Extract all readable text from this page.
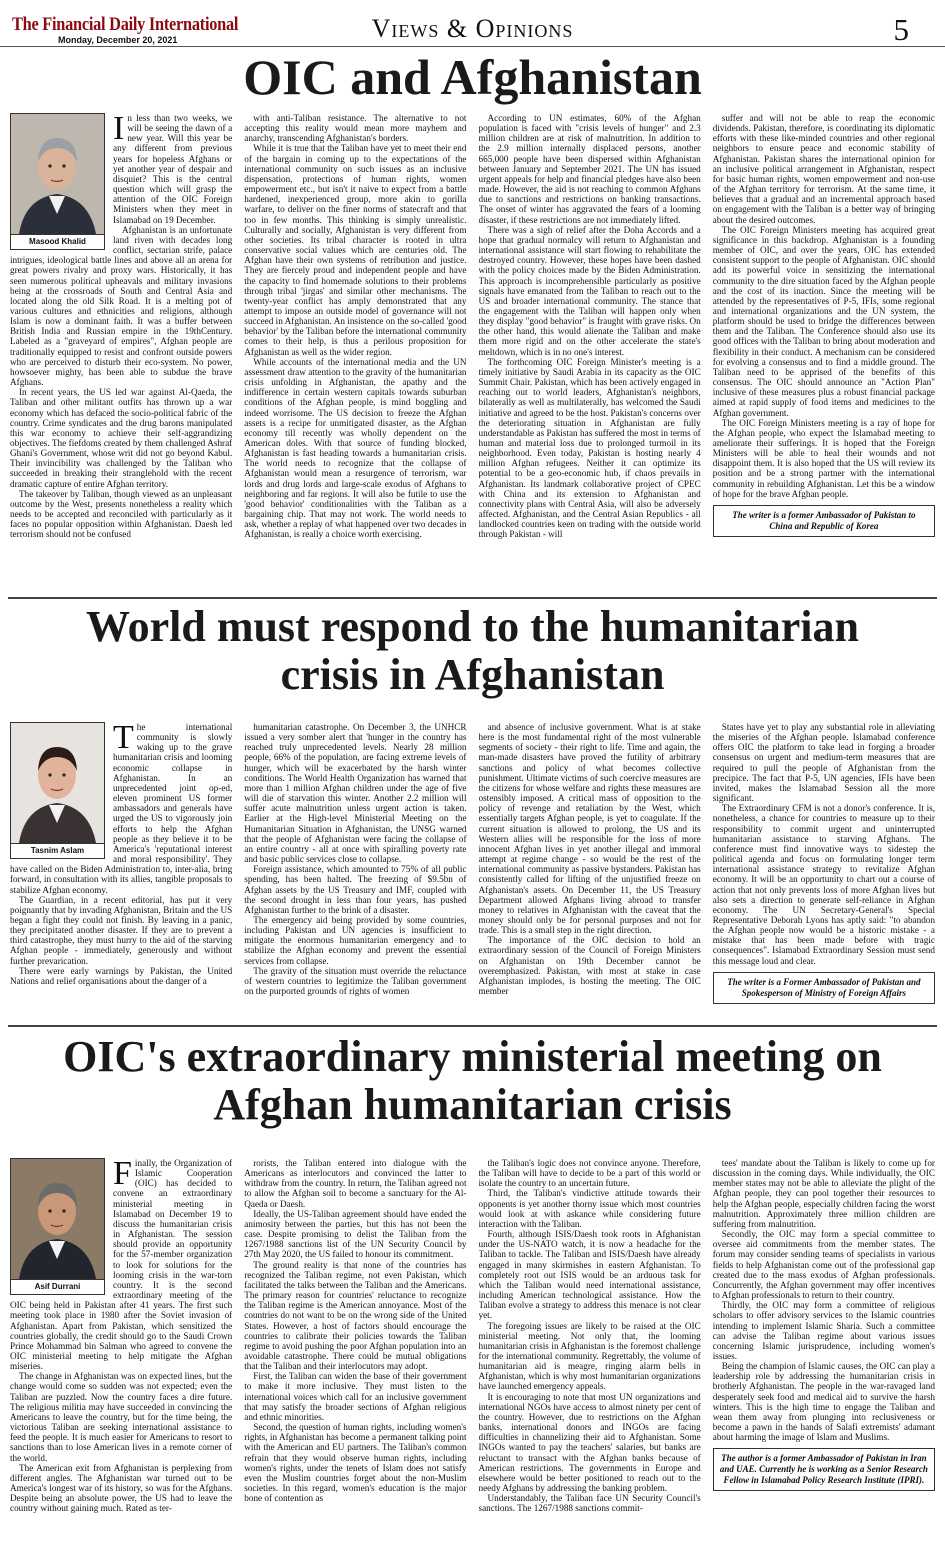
The Financial Daily International
Monday, December 20, 2021	Views & Opinions	5
OIC and Afghanistan
Masood Khalid

In less than two weeks, we will be seeing the dawn of a new year. Will this year be any different from previous years for hopeless Afghans or yet another year of despair and disquiet? This is the central question which will grasp the attention of the OIC Foreign Ministers when they meet in Islamabad on 19 December.

Afghanistan is an unfortunate land riven with decades long conflict, sectarian strife, palace intrigues, ideological battle lines and above all an arena for great powers rivalry and proxy wars. Historically, it has seen numerous political upheavals and military invasions being at the crossroads of South and Central Asia and located along the old Silk Road. It is a melting pot of various cultures and ethnicities and religions, although Islam is now a dominant faith. It was a buffer between British India and Russian empire in the 19thCentury. Labeled as a "graveyard of empires", Afghan people are traditionally equipped to resist and confront outside powers who are perceived to disturb their eco-system. No power, howsoever mighty, has been able to subdue the brave Afghans.

In recent years, the US led war against Al-Qaeda, the Taliban and other militant outfits has thrown up a war economy which has defaced the socio-political fabric of the country. Crime syndicates and the drug barons manipulated this war economy to achieve their self-aggrandizing objectives. The fiefdoms created by them challenged Ashraf Ghani's Government, whose writ did not go beyond Kabul. Their invincibility was challenged by the Taliban who succeeded in breaking their stranglehold with the recent dramatic capture of entire Afghan territory.

The takeover by Taliban, though viewed as an unpleasant outcome by the West, presents nonetheless a reality which needs to be accepted and reconciled with particularly as it faces no popular opposition within Afghanistan. Daesh led terrorism should not be confused

with anti-Taliban resistance. The alternative to not accepting this reality would mean more mayhem and anarchy, transcending Afghanistan's borders.

While it is true that the Taliban have yet to meet their end of the bargain in coming up to the expectations of the international community on such issues as an inclusive dispensation, protections of human rights, women empowerment etc., but isn't it naive to expect from a battle hardened, inexperienced group, more akin to gorilla warfare, to deliver on the finer norms of statecraft and that too in few months. This thinking is simply unrealistic. Culturally and socially, Afghanistan is very different from other societies. Its tribal character is rooted in ultra conservative social values which are centuries old. The Afghan have their own systems of retribution and justice. They are fiercely proud and independent people and have the capacity to find homemade solutions to their problems through tribal 'jirgas' and similar other mechanisms. The twenty-year conflict has amply demonstrated that any attempt to impose an outside model of governance will not succeed in Afghanistan. An insistence on the so-called 'good behavior' by the Taliban before the international community comes to their help, is thus a perilous proposition for Afghanistan as well as the wider region.

While accounts of the international media and the UN assessment draw attention to the gravity of the humanitarian crisis unfolding in Afghanistan, the apathy and the indifference in certain western capitals towards suburban conditions of the Afghan people, is mind boggling and indeed worrisome. The US decision to freeze the Afghan assets is a recipe for unmitigated disaster, as the Afghan economy till recently was wholly dependent on the American doles. With that source of funding blocked, Afghanistan is fast heading towards a humanitarian crisis. The world needs to recognize that the collapse of Afghanistan would mean a resurgence of terrorism, war lords and drug lords and large-scale exodus of Afghans to neighboring and far regions. It will also be futile to use the 'good behavior' conditionalities with the Taliban as a bargaining chip. That may not work. The world needs to ask, whether a replay of what happened over two decades in Afghanistan, is really a choice worth exercising.

According to UN estimates, 60% of the Afghan population is faced with "crisis levels of hunger" and 2.3 million children are at risk of malnutrition. In addition to the 2.9 million internally displaced persons, another 665,000 people have been dispersed within Afghanistan between January and September 2021. The UN has issued urgent appeals for help and financial pledges have also been made. However, the aid is not reaching to common Afghans due to sanctions and restrictions on banking transactions. The onset of winter has aggravated the fears of a looming disaster, if these restrictions are not immediately lifted.

There was a sigh of relief after the Doha Accords and a hope that gradual normalcy will return to Afghanistan and international assistance will start flowing to rehabilitate the destroyed country. However, these hopes have been dashed with the policy choices made by the Biden Administration. This approach is incomprehensible particularly as positive signals have emanated from the Taliban to reach out to the US and broader international community. The stance that the engagement with the Taliban will happen only when they display "good behavior" is fraught with grave risks. On the other hand, this would alienate the Taliban and make them more rigid and on the other accelerate the state's meltdown, which is in no one's interest.

The forthcoming OIC Foreign Minister's meeting is a timely initiative by Saudi Arabia in its capacity as the OIC Summit Chair. Pakistan, which has been actively engaged in reaching out to world leaders, Afghanistan's neighbors, bilaterally as well as multilaterally, has welcomed the Saudi initiative and agreed to be the host. Pakistan's concerns over the deteriorating situation in Afghanistan are fully understandable as Pakistan has suffered the most in terms of human and material loss due to prolonged turmoil in its neighborhood. Even today, Pakistan is hosting nearly 4 million Afghan refugees. Neither it can optimize its potential to be a geo-economic hub, if chaos prevails in Afghanistan. Its landmark collaborative project of CPEC with China and its extension to Afghanistan and connectivity plans with Central Asia, will also be adversely affected. Afghanistan, and the Central Asian Republics - all landlocked countries keen on trading with the outside world through Pakistan - will

suffer and will not be able to reap the economic dividends. Pakistan, therefore, is coordinating its diplomatic efforts with these like-minded countries and other regional neighbors to ensure peace and economic stability of Afghanistan. Pakistan shares the international opinion for an inclusive political arrangement in Afghanistan, respect for basic human rights, women empowerment and non-use of the Afghan territory for terrorism. At the same time, it believes that a gradual and an incremental approach based on engagement with the Taliban is a better way of bringing about the desired outcomes.

The OIC Foreign Ministers meeting has acquired great significance in this backdrop. Afghanistan is a founding member of OIC, and over the years, OIC has extended consistent support to the people of Afghanistan. OIC should add its powerful voice in sensitizing the international community to the dire situation faced by the Afghan people and the cost of its inaction. Since the meeting will be attended by the representatives of P-5, IFIs, some regional and international organizations and the UN system, the platform should be used to bridge the differences between them and the Taliban. The Conference should also use its good offices with the Taliban to bring about moderation and flexibility in their conduct. A mechanism can be considered for evolving a consensus and to find a middle ground. The Taliban need to be apprised of the benefits of this consensus. The OIC should announce an "Action Plan" inclusive of these measures plus a robust financial package aimed at rapid supply of food items and medicines to the Afghan government.

The OIC Foreign Ministers meeting is a ray of hope for the Afghan people, who expect the Islamabad meeting to ameliorate their sufferings. It is hoped that the Foreign Ministers will be able to heal their wounds and not disappoint them. It is also hoped that the US will review its position and be a strong partner with the international community in rebuilding Afghanistan. Let this be a window of hope for the brave Afghan people.

The writer is a former Ambassador of Pakistan to China and Republic of Korea
World must respond to the humanitarian crisis in Afghanistan
Tasnim Aslam

The international community is slowly waking up to the grave humanitarian crisis and looming economic collapse in Afghanistan. In an unprecedented joint op-ed, eleven prominent US former ambassadors and generals have urged the US to vigorously join efforts to help the Afghan people as they believe it to be America's 'reputational interest and moral responsibility'. They have called on the Biden Administration to, inter-alia, bring forward, in consultation with its allies, tangible proposals to stabilize Afghan economy.

The Guardian, in a recent editorial, has put it very poignantly that by invading Afghanistan, Britain and the US began a fight they could not finish. By leaving in a panic, they precipitated another disaster. If they are to prevent a third catastrophe, they must hurry to the aid of the starving Afghan people - immediately, generously and without further prevarication.

There were early warnings by Pakistan, the United Nations and relief organisations about the danger of a

humanitarian catastrophe. On December 3, the UNHCR issued a very somber alert that 'hunger in the country has reached truly unprecedented levels. Nearly 28 million people, 66% of the population, are facing extreme levels of hunger, which will be exacerbated by the harsh winter conditions. The World Health Organization has warned that more than 1 million Afghan children under the age of five will die of starvation this winter. Another 2.2 million will suffer acute malnutrition unless urgent action is taken. Earlier at the High-level Ministerial Meeting on the Humanitarian Situation in Afghanistan, the UNSG warned that the people of Afghanistan were facing the collapse of an entire country - all at once with spiralling poverty rate and basic public services close to collapse.

Foreign assistance, which amounted to 75% of all public spending, has been halted. The freezing of $9.5bn of Afghan assets by the US Treasury and IMF, coupled with the second drought in less than four years, has pushed Afghanistan further to the brink of a disaster.

The emergency aid being provided by some countries, including Pakistan and UN agencies is insufficient to mitigate the enormous humanitarian emergency and to stabilize the Afghan economy and prevent the essential services from collapse.

The gravity of the situation must override the reluctance of western countries to legitimize the Taliban government on the purported grounds of rights of women

and absence of inclusive government. What is at stake here is the most fundamental right of the most vulnerable segments of society - their right to life. Time and again, the man-made disasters have proved the futility of arbitrary sanctions and policy of what becomes collective punishment. Ultimate victims of such coercive measures are the citizens for whose welfare and rights these measures are ostensibly imposed. A critical mass of opposition to the policy of revenge and retaliation by the West, which essentially targets Afghan people, is yet to coagulate. If the current situation is allowed to prolong, the US and its Western allies will be responsible for the loss of more innocent Afghan lives in yet another illegal and immoral attempt at regime change - so would be the rest of the international community as passive bystanders. Pakistan has consistently called for lifting of the unjustified freeze on Afghanistan's assets. On December 11, the US Treasury Department allowed Afghans living abroad to transfer money to relatives in Afghanistan with the caveat that the money should only be for personal purposes and not for trade. This is a small step in the right direction.

The importance of the OIC decision to hold an extraordinary session of the Council of Foreign Ministers on Afghanistan on 19th December cannot be overemphasized. Pakistan, with most at stake in case Afghanistan implodes, is hosting the meeting. The OIC member

States have yet to play any substantial role in alleviating the miseries of the Afghan people. Islamabad conference offers OIC the platform to take lead in forging a broader consensus on urgent and medium-term measures that are required to pull the people of Afghanistan from the precipice. The fact that P-5, UN agencies, IFIs have been invited, makes the Islamabad Session all the more significant.

The Extraordinary CFM is not a donor's conference. It is, nonetheless, a chance for countries to measure up to their responsibility to commit urgent and uninterrupted humanitarian assistance to starving Afghans. The conference must find innovative ways to sidestep the political agenda and focus on formulating longer term international assistance strategy to revitalize Afghan economy. It will be an opportunity to chart out a course of action that not only prevents loss of more Afghan lives but also sets a direction to generate self-reliance in Afghan economy. The UN Secretary-General's Special Representative Deborah Lyons has aptly said: "to abandon the Afghan people now would be a historic mistake - a mistake that has been made before with tragic consequences". Islamabad Extraordinary Session must send this message loud and clear.

The writer is a Former Ambassador of Pakistan and Spokesperson of Ministry of Foreign Affairs
OIC's extraordinary ministerial meeting on Afghan humanitarian crisis
Asif Durrani

Finally, the Organization of Islamic Cooperation (OIC) has decided to convene an extraordinary ministerial meeting in Islamabad on December 19 to discuss the humanitarian crisis in Afghanistan. The session should provide an opportunity for the 57-member organization to look for solutions for the looming crisis in the war-torn country. It is the second extraordinary meeting of the OIC being held in Pakistan after 41 years. The first such meeting took place in 1980 after the Soviet invasion of Afghanistan. Apart from Pakistan, which sensitized the countries globally, the credit should go to the Saudi Crown Prince Mohammad bin Salman who agreed to convene the OIC ministerial meeting to help mitigate the Afghan miseries.

The change in Afghanistan was on expected lines, but the change would come so sudden was not expected; even the Taliban are puzzled. Now the country faces a dire future. The religious militia may have succeeded in convincing the Americans to leave the country, but for the time being, the victorious Taliban are seeking international assistance to feed the people. It is much easier for Americans to resort to sanctions than to lose American lives in a remote corner of the world.

The American exit from Afghanistan is perplexing from different angles. The Afghanistan war turned out to be America's longest war of its history, so was for the Afghans. Despite being an absolute power, the US had to leave the country without gaining much. Rated as ter-

rorists, the Taliban entered into dialogue with the Americans as interlocutors and convinced the latter to withdraw from the country. In return, the Taliban agreed not to allow the Afghan soil to become a sanctuary for the Al-Qaeda or Daesh.

Ideally, the US-Taliban agreement should have ended the animosity between the parties, but this has not been the case. Despite promising to delist the Taliban from the 1267/1988 sanctions list of the UN Security Council by 27th May 2020, the US failed to honour its commitment.

The ground reality is that none of the countries has recognized the Taliban regime, not even Pakistan, which facilitated the talks between the Taliban and the Americans. The primary reason for countries' reluctance to recognize the Taliban regime is the American annoyance. Most of the countries do not want to be on the wrong side of the United States. However, a host of factors should encourage the countries to calibrate their policies towards the Taliban regime to avoid pushing the poor Afghan population into an avoidable catastrophe. There could be mutual obligations that the Taliban and their interlocutors may adopt.

First, the Taliban can widen the base of their government to make it more inclusive. They must listen to the international voices which call for an inclusive government that may satisfy the broader sections of Afghan religious and ethnic minorities.

Second, the question of human rights, including women's rights, in Afghanistan has become a permanent talking point with the American and EU partners. The Taliban's common refrain that they would observe human rights, including women's rights, under the tenets of Islam does not satisfy even the Muslim countries forget about the non-Muslim societies. In this regard, women's education is the major bone of contention as

the Taliban's logic does not convince anyone. Therefore, the Taliban will have to decide to be a part of this world or isolate the country to an uncertain future.

Third, the Taliban's vindictive attitude towards their opponents is yet another thorny issue which most countries would look at with askance while considering future interaction with the Taliban.

Fourth, although ISIS/Daesh took roots in Afghanistan under the US-NATO watch, it is now a headache for the Taliban to tackle. The Taliban and ISIS/Daesh have already engaged in many skirmishes in eastern Afghanistan. To completely root out ISIS would be an arduous task for which the Taliban would need international assistance, including American technological assistance. How the Taliban evolve a strategy to address this menace is not clear yet.

The foregoing issues are likely to be raised at the OIC ministerial meeting. Not only that, the looming humanitarian crisis in Afghanistan is the foremost challenge for the international community. Regrettably, the volume of humanitarian aid is meagre, ringing alarm bells in Afghanistan, which is why most humanitarian organizations have launched emergency appeals.

It is encouraging to note that most UN organizations and international NGOs have access to almost ninety per cent of the country. However, due to restrictions on the Afghan banks, international donors and INGOs are facing difficulties in channelizing their aid to Afghanistan. Some INGOs wanted to pay the teachers' salaries, but banks are reluctant to transact with the Afghan banks because of American restrictions. The governments in Europe and elsewhere would be better positioned to reach out to the needy Afghans by addressing the banking problem.

Understandably, the Taliban face UN Security Council's sanctions. The 1267/1988 sanctions commit-

tees' mandate about the Taliban is likely to come up for discussion in the coming days. While individually, the OIC member states may not be able to alleviate the plight of the Afghan people, they can pool together their resources to help the Afghan people, especially children facing the worst malnutrition. Approximately three million children are suffering from malnutrition.

Secondly, the OIC may form a special committee to oversee aid commitments from the member states. The forum may consider sending teams of specialists in various fields to help Afghanistan come out of the professional gap created due to the mass exodus of Afghan professionals. Concurrently, the Afghan government may offer incentives to Afghan professionals to return to their country.

Thirdly, the OIC may form a committee of religious scholars to offer advisory services to the Islamic countries intending to implement Islamic Sharia. Such a committee can advise the Taliban regime about various issues concerning Islamic jurisprudence, including women's issues.

Being the champion of Islamic causes, the OIC can play a leadership role by addressing the humanitarian crisis in brotherly Afghanistan. The people in the war-ravaged land desperately seek food and medical aid to survive the harsh winters. This is the high time to engage the Taliban and wean them away from plunging into reclusiveness or become a pawn in the hands of Salafi extremists' adamant about harming the image of Islam and Muslims.

The author is a former Ambassador of Pakistan in Iran and UAE. Currently he is working as a Senior Research Fellow in Islamabad Policy Research Institute (IPRI).
